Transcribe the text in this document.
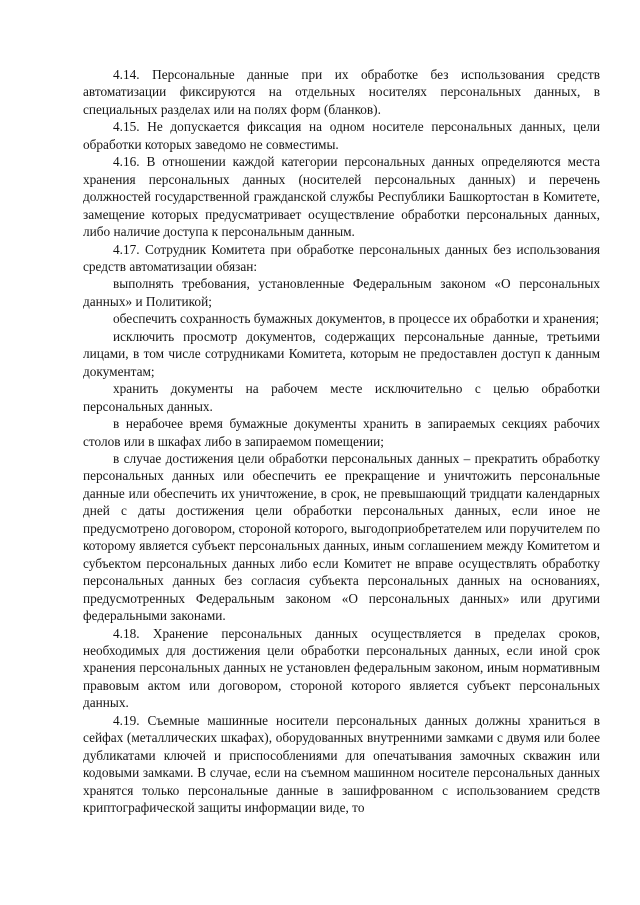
4.14. Персональные данные при их обработке без использования средств автоматизации фиксируются на отдельных носителях персональных данных, в специальных разделах или на полях форм (бланков).

4.15. Не допускается фиксация на одном носителе персональных данных, цели обработки которых заведомо не совместимы.

4.16. В отношении каждой категории персональных данных определяются места хранения персональных данных (носителей персональных данных) и перечень должностей государственной гражданской службы Республики Башкортостан в Комитете, замещение которых предусматривает осуществление обработки персональных данных, либо наличие доступа к персональным данным.

4.17. Сотрудник Комитета при обработке персональных данных без использования средств автоматизации обязан:

выполнять требования, установленные Федеральным законом «О персональных данных» и Политикой;

обеспечить сохранность бумажных документов, в процессе их обработки и хранения;

исключить просмотр документов, содержащих персональные данные, третьими лицами, в том числе сотрудниками Комитета, которым не предоставлен доступ к данным документам;

хранить документы на рабочем месте исключительно с целью обработки персональных данных.

в нерабочее время бумажные документы хранить в запираемых секциях рабочих столов или в шкафах либо в запираемом помещении;

в случае достижения цели обработки персональных данных – прекратить обработку персональных данных или обеспечить ее прекращение и уничтожить персональные данные или обеспечить их уничтожение, в срок, не превышающий тридцати календарных дней с даты достижения цели обработки персональных данных, если иное не предусмотрено договором, стороной которого, выгодоприобретателем или поручителем по которому является субъект персональных данных, иным соглашением между Комитетом и субъектом персональных данных либо если Комитет не вправе осуществлять обработку персональных данных без согласия субъекта персональных данных на основаниях, предусмотренных Федеральным законом «О персональных данных» или другими федеральными законами.

4.18. Хранение персональных данных осуществляется в пределах сроков, необходимых для достижения цели обработки персональных данных, если иной срок хранения персональных данных не установлен федеральным законом, иным нормативным правовым актом или договором, стороной которого является субъект персональных данных.

4.19. Съемные машинные носители персональных данных должны храниться в сейфах (металлических шкафах), оборудованных внутренними замками с двумя или более дубликатами ключей и приспособлениями для опечатывания замочных скважин или кодовыми замками. В случае, если на съемном машинном носителе персональных данных хранятся только персональные данные в зашифрованном с использованием средств криптографической защиты информации виде, то
